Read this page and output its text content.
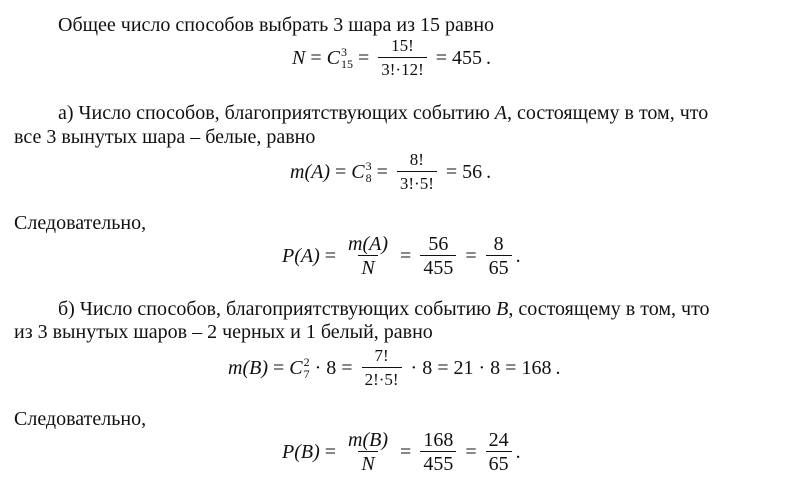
Общее число способов выбрать 3 шара из 15 равно
N = C 3
$15 = \frac{15!}{3!\cdot 12!} = 455$ .
а) Число способов, благоприятствующих событию A, состоящему в том, что
все 3 вынутых шара – белые, равно
m(A) = C 3
$8 = \frac{8!}{3!\cdot 5!} = 56$ .
Следовательно,
$P(A) = \frac{m(A)}{N} = \frac{56}{455} = \frac{8}{65}$ .
б) Число способов, благоприятствующих событию B, состоящему в том, что
из 3 вынутых шаров – 2 черных и 1 белый, равно
m(B) = C 2
$7 \cdot 8 = \frac{7!}{2!\cdot 5!} \cdot 8 = 21 \cdot 8 = 168$ .
Следовательно,
$P(B) = \frac{m(B)}{N} = \frac{168}{455} = \frac{24}{65}$ .
